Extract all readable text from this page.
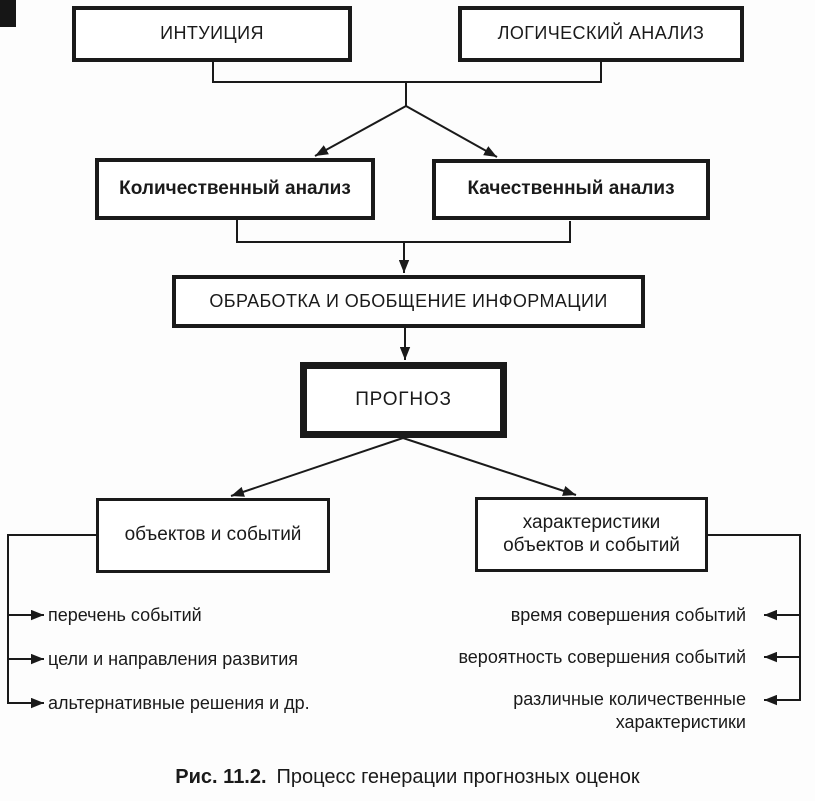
ИНТУИЦИЯ	ЛОГИЧЕСКИЙ АНАЛИЗ
Количественный анализ	Качественный анализ
ОБРАБОТКА И ОБОБЩЕНИЕ ИНФОРМАЦИИ
ПРОГНОЗ
объектов и событий
характеристики
объектов и событий
перечень событий
цели и направления развития
альтернативные решения и др.
время совершения событий
вероятность совершения событий
различные количественные характеристики
Рис. 11.2. Процесс генерации прогнозных оценок
